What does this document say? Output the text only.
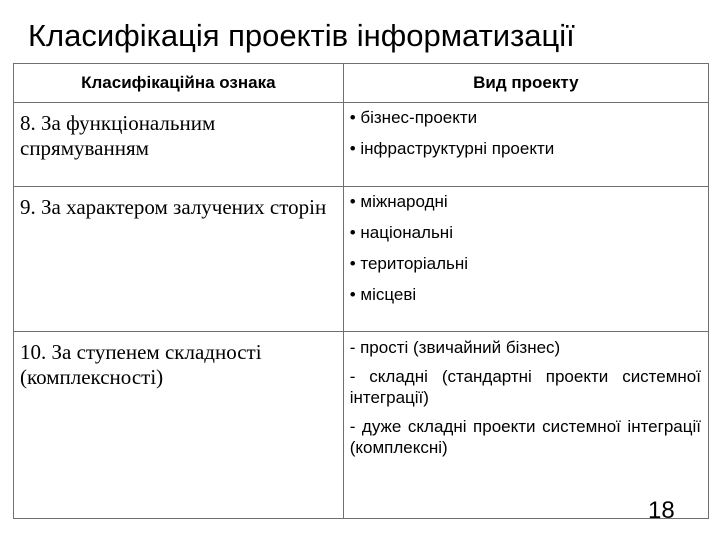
Класифікація проектів інформатизації
Класифікаційна ознака	Вид проекту
8. За функціональним спрямуванням	• бізнес-проекти
• інфраструктурні проекти

9. За характером залучених сторін	• міжнародні
• національні
• територіальні
• місцеві

10. За ступенем складності (комплексності)	- прості (звичайний бізнес)
- складні (стандартні проекти системної інтеграції)
- дуже складні проекти системної інтеграції (комплексні)
18
